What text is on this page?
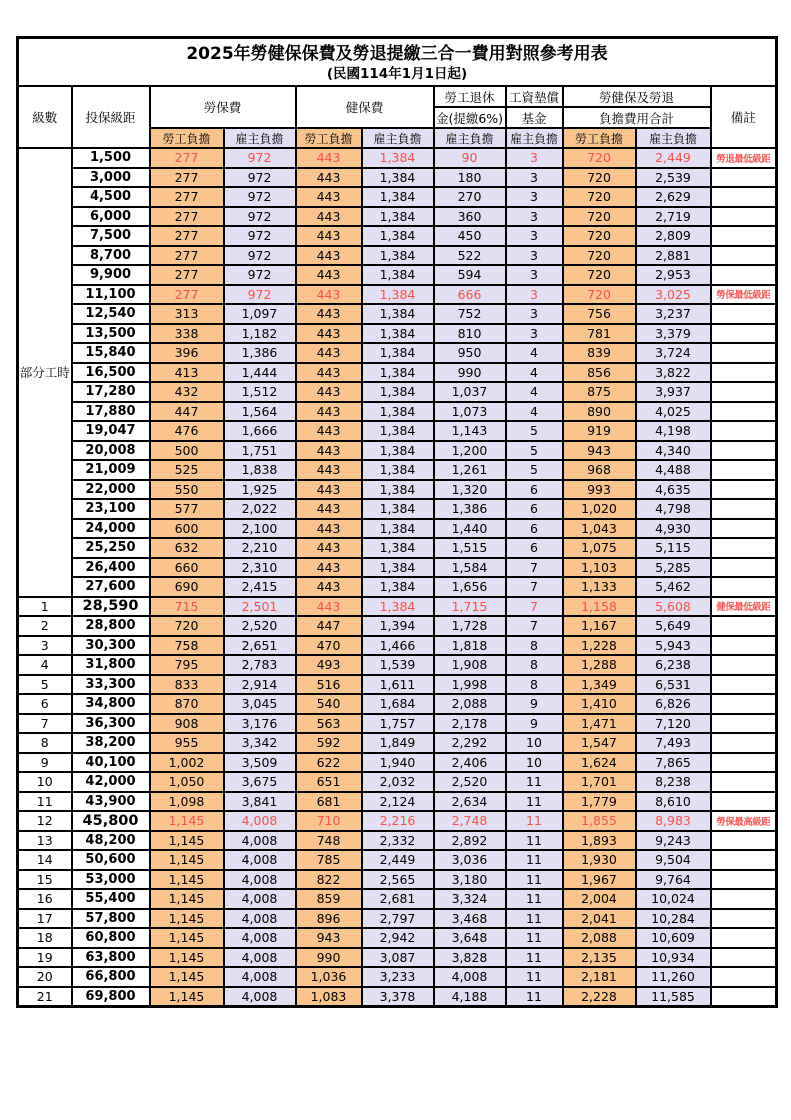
2025年勞健保保費及勞退提繳三合一費用對照參考用表
(民國114年1月1日起)										

級數	投保級距	勞保費		健保費		勞工退休	工資墊償	勞健保及勞退		備註
						金(提繳6%)	基金	負擔費用合計		
		勞工負擔	雇主負擔	勞工負擔	雇主負擔	雇主負擔	雇主負擔	勞工負擔	雇主負擔	
部分工時	1,500	277	972	443	1,384	90	3	720	2,449	勞退最低級距
	3,000	277	972	443	1,384	180	3	720	2,539	
	4,500	277	972	443	1,384	270	3	720	2,629	
	6,000	277	972	443	1,384	360	3	720	2,719	
	7,500	277	972	443	1,384	450	3	720	2,809	
	8,700	277	972	443	1,384	522	3	720	2,881	
	9,900	277	972	443	1,384	594	3	720	2,953	
	11,100	277	972	443	1,384	666	3	720	3,025	勞保最低級距
	12,540	313	1,097	443	1,384	752	3	756	3,237	
	13,500	338	1,182	443	1,384	810	3	781	3,379	
	15,840	396	1,386	443	1,384	950	4	839	3,724	
	16,500	413	1,444	443	1,384	990	4	856	3,822	
	17,280	432	1,512	443	1,384	1,037	4	875	3,937	
	17,880	447	1,564	443	1,384	1,073	4	890	4,025	
	19,047	476	1,666	443	1,384	1,143	5	919	4,198	
	20,008	500	1,751	443	1,384	1,200	5	943	4,340	
	21,009	525	1,838	443	1,384	1,261	5	968	4,488	
	22,000	550	1,925	443	1,384	1,320	6	993	4,635	
	23,100	577	2,022	443	1,384	1,386	6	1,020	4,798	
	24,000	600	2,100	443	1,384	1,440	6	1,043	4,930	
	25,250	632	2,210	443	1,384	1,515	6	1,075	5,115	
	26,400	660	2,310	443	1,384	1,584	7	1,103	5,285	
	27,600	690	2,415	443	1,384	1,656	7	1,133	5,462	
1	28,590	715	2,501	443	1,384	1,715	7	1,158	5,608	健保最低級距
2	28,800	720	2,520	447	1,394	1,728	7	1,167	5,649	
3	30,300	758	2,651	470	1,466	1,818	8	1,228	5,943	
4	31,800	795	2,783	493	1,539	1,908	8	1,288	6,238	
5	33,300	833	2,914	516	1,611	1,998	8	1,349	6,531	
6	34,800	870	3,045	540	1,684	2,088	9	1,410	6,826	
7	36,300	908	3,176	563	1,757	2,178	9	1,471	7,120	
8	38,200	955	3,342	592	1,849	2,292	10	1,547	7,493	
9	40,100	1,002	3,509	622	1,940	2,406	10	1,624	7,865	
10	42,000	1,050	3,675	651	2,032	2,520	11	1,701	8,238	
11	43,900	1,098	3,841	681	2,124	2,634	11	1,779	8,610	
12	45,800	1,145	4,008	710	2,216	2,748	11	1,855	8,983	勞保最高級距
13	48,200	1,145	4,008	748	2,332	2,892	11	1,893	9,243	
14	50,600	1,145	4,008	785	2,449	3,036	11	1,930	9,504	
15	53,000	1,145	4,008	822	2,565	3,180	11	1,967	9,764	
16	55,400	1,145	4,008	859	2,681	3,324	11	2,004	10,024	
17	57,800	1,145	4,008	896	2,797	3,468	11	2,041	10,284	
18	60,800	1,145	4,008	943	2,942	3,648	11	2,088	10,609	
19	63,800	1,145	4,008	990	3,087	3,828	11	2,135	10,934	
20	66,800	1,145	4,008	1,036	3,233	4,008	11	2,181	11,260	
21	69,800	1,145	4,008	1,083	3,378	4,188	11	2,228	11,585	
